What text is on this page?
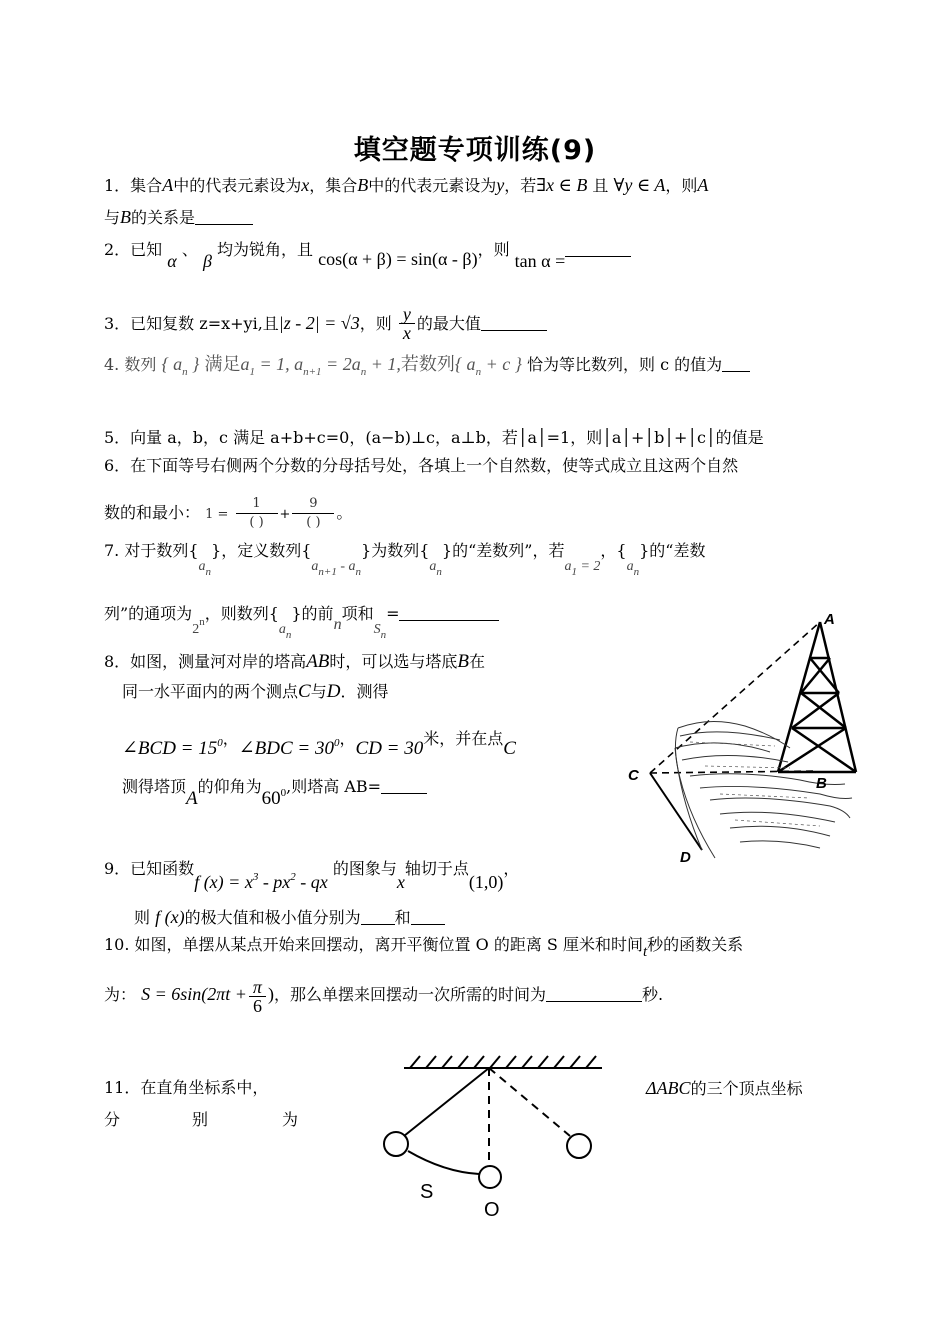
填空题专项训练(9)
1．集合A中的代表元素设为x，集合B中的代表元素设为y，若∃x ∈ B 且 ∀y ∈ A，则A
与B的关系是
2．已知 α 、 β 均为锐角，且 cos(α + β) = sin(α - β)，则 tan α =
3．已知复数 z=x+yi,且|z - 2| = √3，则 $\frac{y}{x}$ 的最大值
4. 数列 { $a_n$ } 满足$a_1 = 1$, $a_{n+1} = 2a_n + 1$,若数列{ $a_n + c$ } 恰为等比数列，则 c 的值为
5．向量 a，b，c 满足 a+b+c=0，(a−b)⊥c，a⊥b，若│a│=1，则│a│+│b│+│c│的值是
6．在下面等号右侧两个分数的分母括号处，各填上一个自然数，使等式成立且这两个自然
数的和最小： $1 = \frac{1}{( )} + \frac{9}{( )}$ 。
7. 对于数列$\{a_n\}$，定义数列$\{a_{n+1} - a_n\}$为数列$\{a_n\}$的“差数列”，若$a_1 = 2$，$\{a_n\}$的“差数
列”的通项为2$^n$，则数列$\{a_n\}$的前n项和$S_n=$
8．如图，测量河对岸的塔高AB时，可以选与塔底B在
同一水平面内的两个测点C与D．测得
∠BCD = $15^0$，∠BDC = $30^0$，CD = 30米，并在点C
测得塔顶A的仰角为$60^0$,则塔高 AB=
A
B
C
D
9．已知函数f $(x) = x^3 - px^2$ - qx 的图象与x轴切于点(1,0)，
则 f (x)的极大值和极小值分别为 和
10. 如图，单摆从某点开始来回摆动，离开平衡位置 O 的距离 S 厘米和时间t秒的函数关系
为： $S = 6\sin(2\pi t + \frac{\pi}{6}$ )，那么单摆来回摆动一次所需的时间为	秒.
S
O
11．在直角坐标系中，	ΔABC的三个顶点坐标
分	别	为
